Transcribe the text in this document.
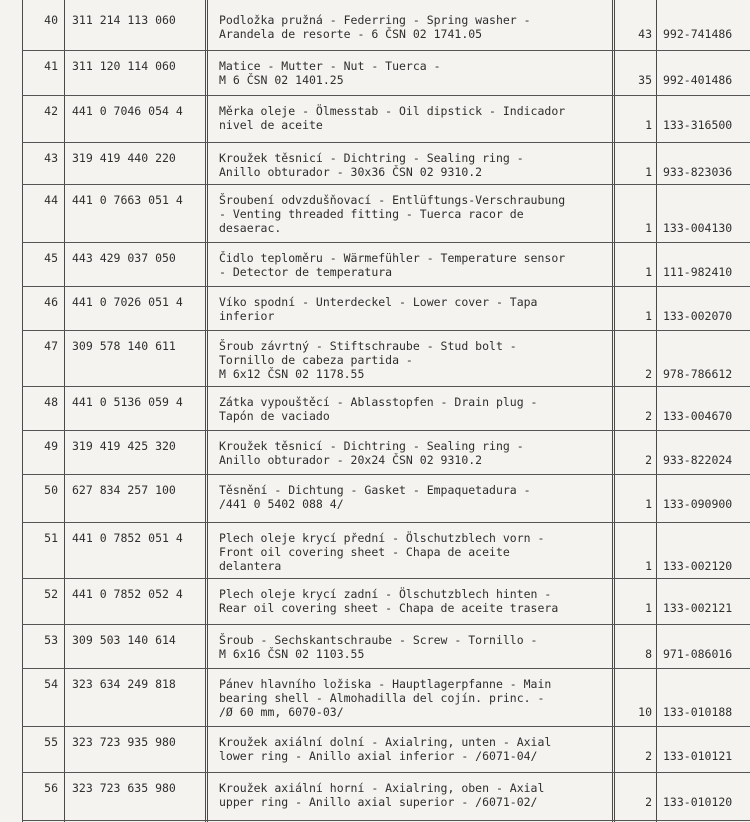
40 311 214 113 060	Podložka pružná - Federring - Spring washer -
Arandela de resorte - 6 ČSN 02 1741.05	43 992-741486
41 311 120 114 060	Matice - Mutter - Nut - Tuerca -
M 6 ČSN 02 1401.25	35 992-401486
42 441 0 7046 054 4	Měrka oleje - Ölmesstab - Oil dipstick - Indicador
nivel de aceite	1 133-316500
43 319 419 440 220	Kroužek těsnicí - Dichtring - Sealing ring -
Anillo obturador - 30x36 ČSN 02 9310.2	1 933-823036
44 441 0 7663 051 4	Šroubení odvzdušňovací - Entlüftungs-Verschraubung
- Venting threaded fitting - Tuerca racor de
desaerac.	1 133-004130
45 443 429 037 050	Čidlo teploměru - Wärmefühler - Temperature sensor
- Detector de temperatura	1 111-982410
46 441 0 7026 051 4	Víko spodní - Unterdeckel - Lower cover - Tapa
inferior	1 133-002070
47 309 578 140 611	Šroub závrtný - Stiftschraube - Stud bolt -
Tornillo de cabeza partida -
M 6x12 ČSN 02 1178.55	2 978-786612
48 441 0 5136 059 4	Zátka vypouštěcí - Ablasstopfen - Drain plug -
Tapón de vaciado	2 133-004670
49 319 419 425 320	Kroužek těsnicí - Dichtring - Sealing ring -
Anillo obturador - 20x24 ČSN 02 9310.2	2 933-822024
50 627 834 257 100	Těsnění - Dichtung - Gasket - Empaquetadura -
/441 0 5402 088 4/	1 133-090900
51 441 0 7852 051 4	Plech oleje krycí přední - Ölschutzblech vorn -
Front oil covering sheet - Chapa de aceite
delantera	1 133-002120
52 441 0 7852 052 4	Plech oleje krycí zadní - Ölschutzblech hinten -
Rear oil covering sheet - Chapa de aceite trasera	1 133-002121
53 309 503 140 614	Šroub - Sechskantschraube - Screw - Tornillo -
M 6x16 ČSN 02 1103.55	8 971-086016
54 323 634 249 818	Pánev hlavního ložiska - Hauptlagerpfanne - Main
bearing shell - Almohadilla del cojín. princ. -
/Ø 60 mm, 6070-03/	10 133-010188
55 323 723 935 980	Kroužek axiální dolní - Axialring, unten - Axial
lower ring - Anillo axial inferior - /6071-04/	2 133-010121
56 323 723 635 980	Kroužek axiální horní - Axialring, oben - Axial
upper ring - Anillo axial superior - /6071-02/	2 133-010120
